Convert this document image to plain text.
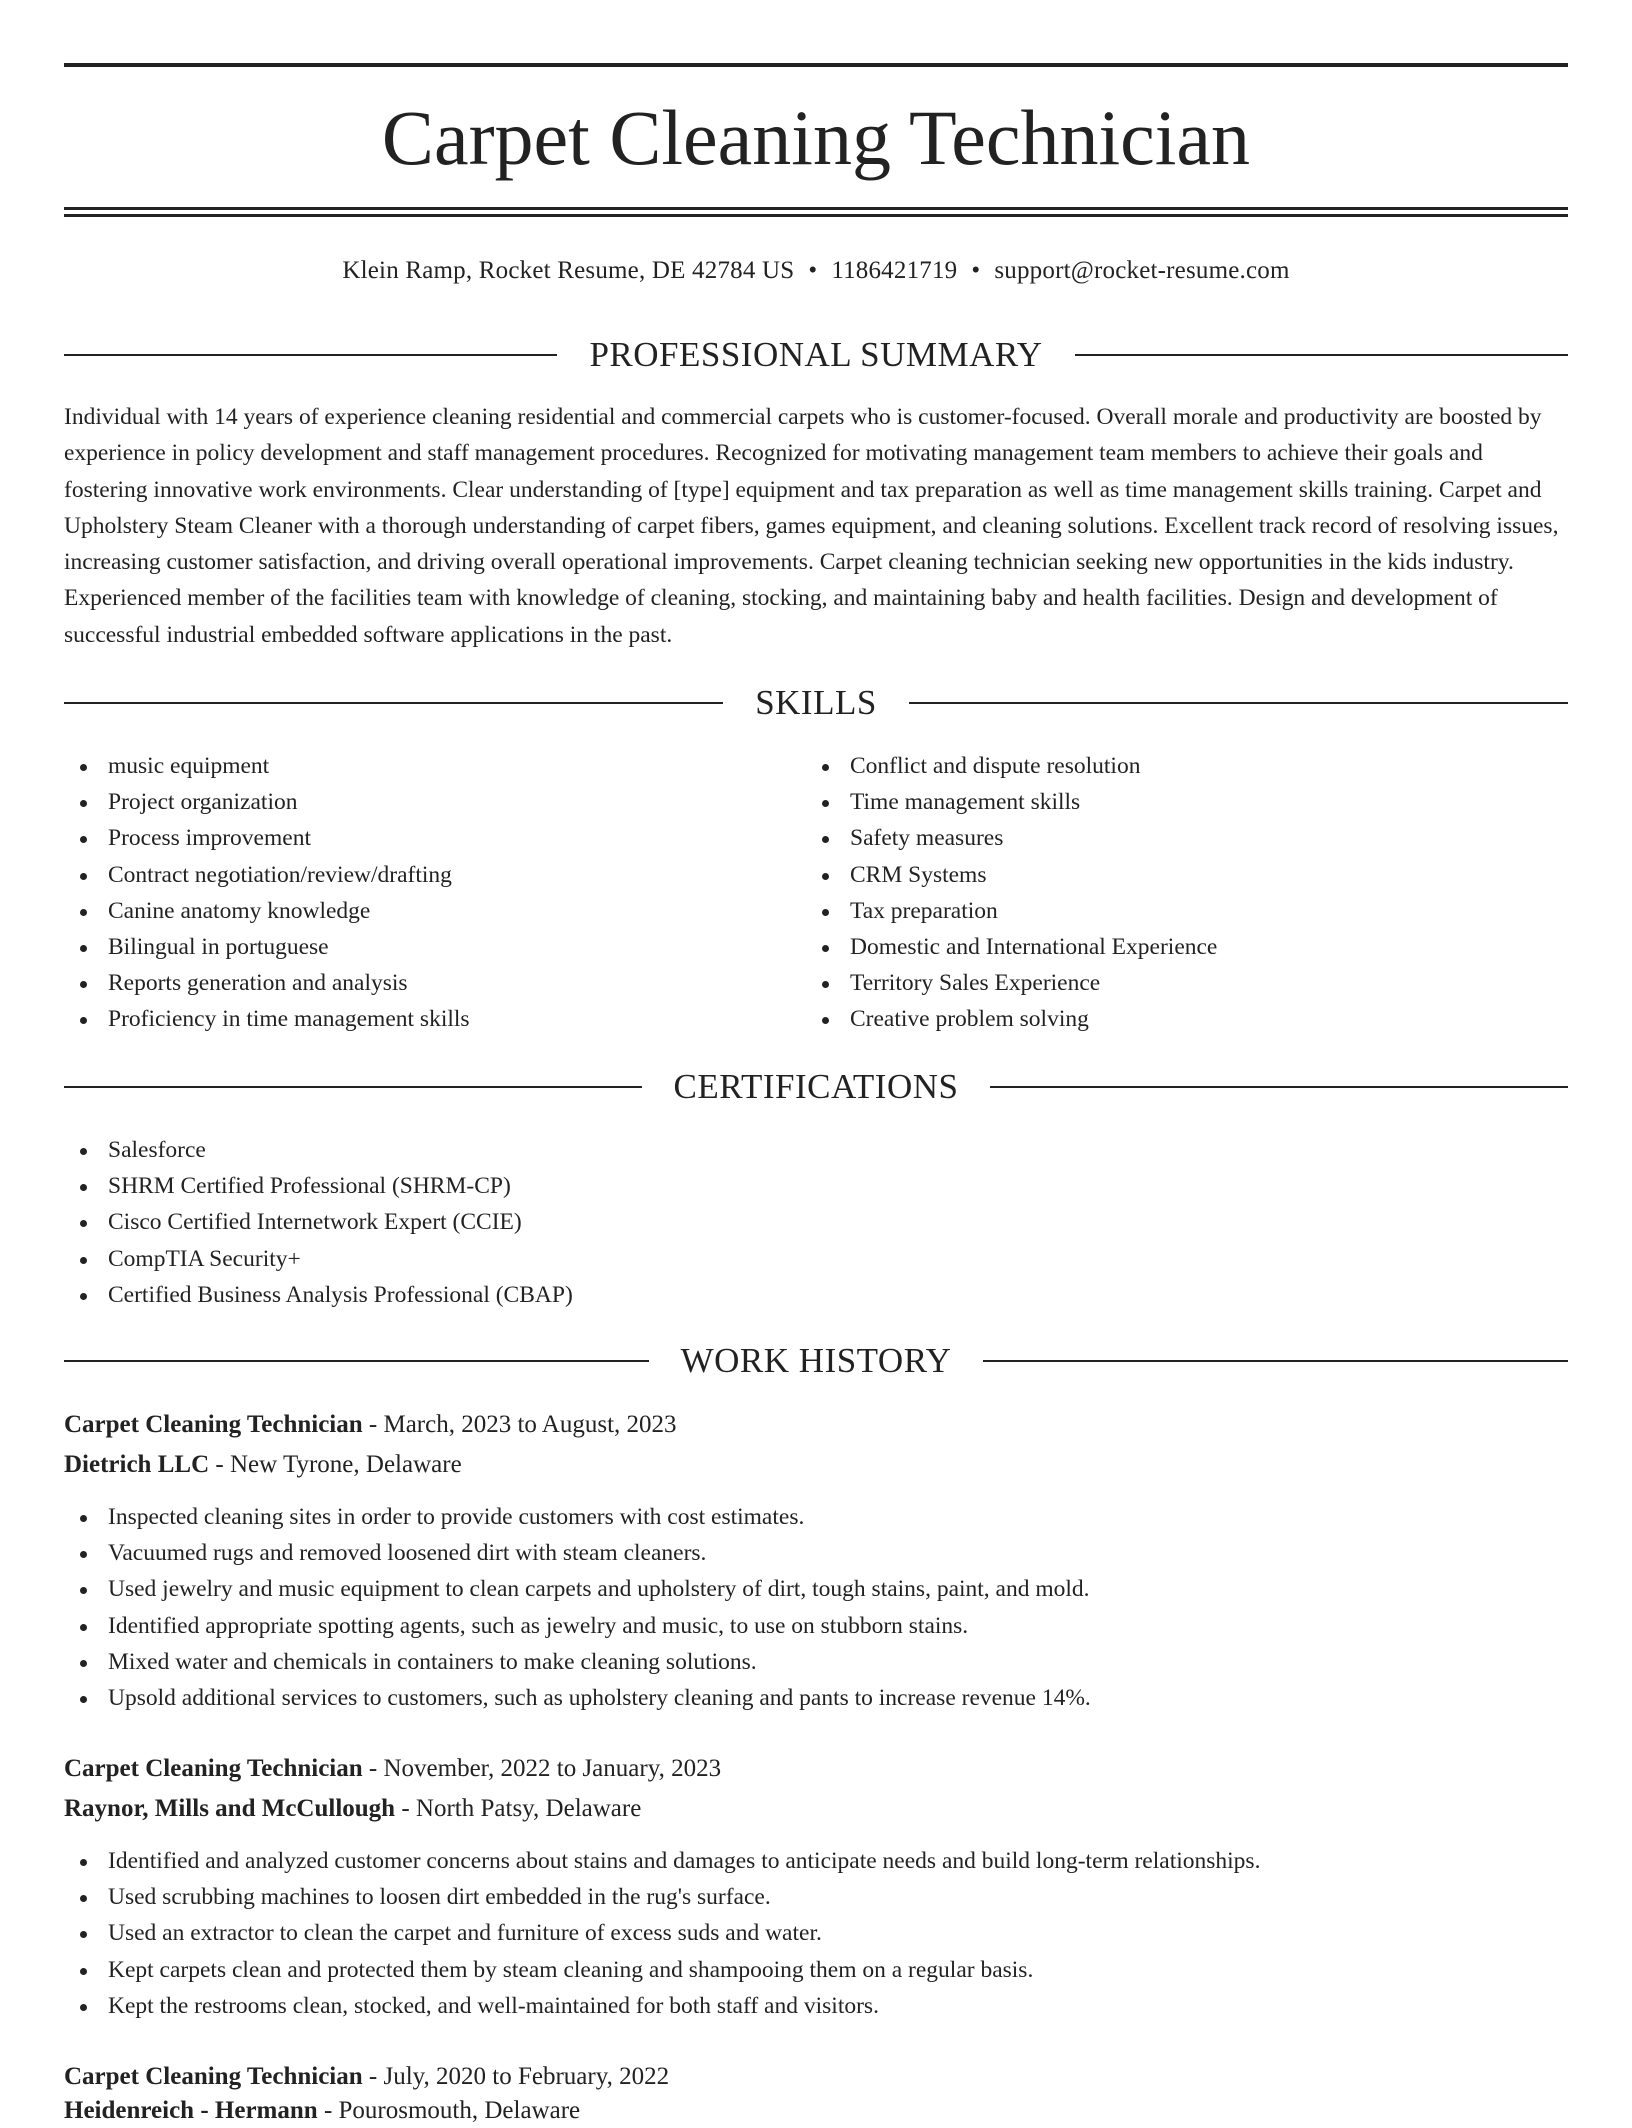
Carpet Cleaning Technician
Klein Ramp, Rocket Resume, DE 42784 US • 1186421719 • support@rocket-resume.com
PROFESSIONAL SUMMARY

Individual with 14 years of experience cleaning residential and commercial carpets who is customer-focused. Overall morale and productivity are boosted by experience in policy development and staff management procedures. Recognized for motivating management team members to achieve their goals and fostering innovative work environments. Clear understanding of [type] equipment and tax preparation as well as time management skills training. Carpet and Upholstery Steam Cleaner with a thorough understanding of carpet fibers, games equipment, and cleaning solutions. Excellent track record of resolving issues, increasing customer satisfaction, and driving overall operational improvements. Carpet cleaning technician seeking new opportunities in the kids industry. Experienced member of the facilities team with knowledge of cleaning, stocking, and maintaining baby and health facilities. Design and development of successful industrial embedded software applications in the past.

SKILLS
music equipment
Project organization
Process improvement
Contract negotiation/review/drafting
Canine anatomy knowledge
Bilingual in portuguese
Reports generation and analysis
Proficiency in time management skills
Conflict and dispute resolution
Time management skills
Safety measures
CRM Systems
Tax preparation
Domestic and International Experience
Territory Sales Experience
Creative problem solving
CERTIFICATIONS
Salesforce
SHRM Certified Professional (SHRM-CP)
Cisco Certified Internetwork Expert (CCIE)
CompTIA Security+
Certified Business Analysis Professional (CBAP)
WORK HISTORY
Carpet Cleaning Technician - March, 2023 to August, 2023
Dietrich LLC - New Tyrone, Delaware
Inspected cleaning sites in order to provide customers with cost estimates.
Vacuumed rugs and removed loosened dirt with steam cleaners.
Used jewelry and music equipment to clean carpets and upholstery of dirt, tough stains, paint, and mold.
Identified appropriate spotting agents, such as jewelry and music, to use on stubborn stains.
Mixed water and chemicals in containers to make cleaning solutions.
Upsold additional services to customers, such as upholstery cleaning and pants to increase revenue 14%.
Carpet Cleaning Technician - November, 2022 to January, 2023
Raynor, Mills and McCullough - North Patsy, Delaware
Identified and analyzed customer concerns about stains and damages to anticipate needs and build long-term relationships.
Used scrubbing machines to loosen dirt embedded in the rug's surface.
Used an extractor to clean the carpet and furniture of excess suds and water.
Kept carpets clean and protected them by steam cleaning and shampooing them on a regular basis.
Kept the restrooms clean, stocked, and well-maintained for both staff and visitors.
Carpet Cleaning Technician - July, 2020 to February, 2022
Heidenreich - Hermann - Pourosmouth, Delaware
